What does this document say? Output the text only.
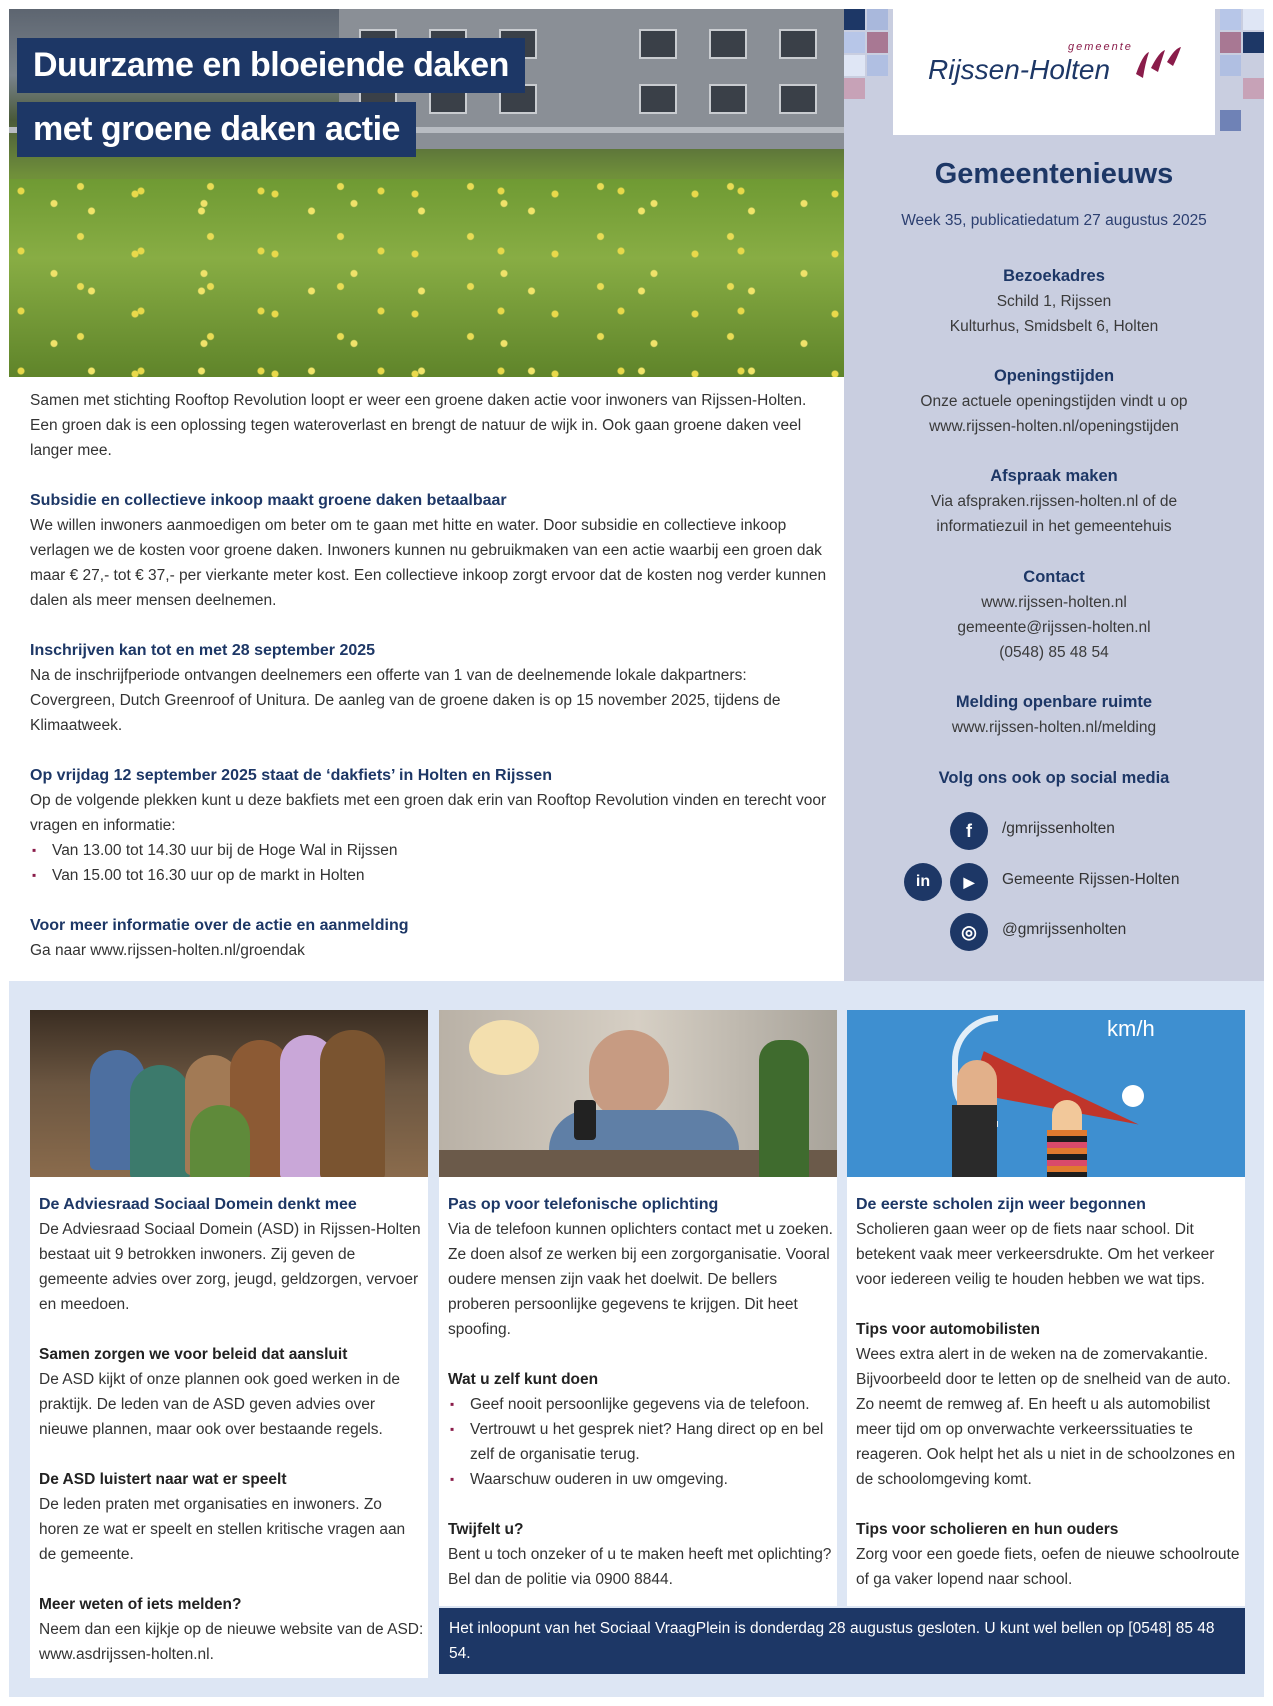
Duurzame en bloeiende daken
met groene daken actie
gemeente
Rijssen-Holten
Gemeentenieuws
Week 35, publicatiedatum 27 augustus 2025
Bezoekadres
Schild 1, Rijssen
Kulturhus, Smidsbelt 6, Holten
Openingstijden
Onze actuele openingstijden vindt u op
www.rijssen-holten.nl/openingstijden
Afspraak maken
Via afspraken.rijssen-holten.nl of de
informatiezuil in het gemeentehuis
Contact
www.rijssen-holten.nl
gemeente@rijssen-holten.nl
(0548) 85 48 54
Melding openbare ruimte
www.rijssen-holten.nl/melding
Volg ons ook op social media
f	/gmrijssenholten
in	▶	Gemeente Rijssen-Holten
◎	@gmrijssenholten

Samen met stichting Rooftop Revolution loopt er weer een groene daken actie voor inwoners van Rijssen-Holten. Een groen dak is een oplossing tegen wateroverlast en brengt de natuur de wijk in. Ook gaan groene daken veel langer mee.

Subsidie en collectieve inkoop maakt groene daken betaalbaar

We willen inwoners aanmoedigen om beter om te gaan met hitte en water. Door subsidie en collectieve inkoop verlagen we de kosten voor groene daken. Inwoners kunnen nu gebruikmaken van een actie waarbij een groen dak maar € 27,- tot € 37,- per vierkante meter kost. Een collectieve inkoop zorgt ervoor dat de kosten nog verder kunnen dalen als meer mensen deelnemen.

Inschrijven kan tot en met 28 september 2025

Na de inschrijfperiode ontvangen deelnemers een offerte van 1 van de deelnemende lokale dakpartners: Covergreen, Dutch Greenroof of Unitura. De aanleg van de groene daken is op 15 november 2025, tijdens de Klimaatweek.

Op vrijdag 12 september 2025 staat de ‘dakfiets’ in Holten en Rijssen
Op de volgende plekken kunt u deze bakfiets met een groen dak erin van Rooftop Revolution vinden en terecht voor vragen en informatie:
▪ Van 13.00 tot 14.30 uur bij de Hoge Wal in Rijssen
▪ Van 15.00 tot 16.30 uur op de markt in Holten
Voor meer informatie over de actie en aanmelding
Ga naar www.rijssen-holten.nl/groendak
De Adviesraad Sociaal Domein denkt mee

De Adviesraad Sociaal Domein (ASD) in Rijssen-Holten bestaat uit 9 betrokken inwoners. Zij geven de gemeente advies over zorg, jeugd, geldzorgen, vervoer en meedoen.

Samen zorgen we voor beleid dat aansluit

De ASD kijkt of onze plannen ook goed werken in de praktijk. De leden van de ASD geven advies over nieuwe plannen, maar ook over bestaande regels.

De ASD luistert naar wat er speelt

De leden praten met organisaties en inwoners. Zo horen ze wat er speelt en stellen kritische vragen aan de gemeente.

Meer weten of iets melden?
Neem dan een kijkje op de nieuwe website van de ASD: www.asdrijssen-holten.nl.
Pas op voor telefonische oplichting

Via de telefoon kunnen oplichters contact met u zoeken. Ze doen alsof ze werken bij een zorgorganisatie. Vooral oudere mensen zijn vaak het doelwit. De bellers proberen persoonlijke gegevens te krijgen. Dit heet spoofing.

Wat u zelf kunt doen
▪ Geef nooit persoonlijke gegevens via de telefoon.
▪ Vertrouwt u het gesprek niet? Hang direct op en bel zelf de organisatie terug.
▪ Waarschuw ouderen in uw omgeving.
Twijfelt u?
Bent u toch onzeker of u te maken heeft met oplichting? Bel dan de politie via 0900 8844.
km/h
De eerste scholen zijn weer begonnen

Scholieren gaan weer op de fiets naar school. Dit betekent vaak meer verkeersdrukte. Om het verkeer voor iedereen veilig te houden hebben we wat tips.

Tips voor automobilisten

Wees extra alert in de weken na de zomervakantie. Bijvoorbeeld door te letten op de snelheid van de auto. Zo neemt de remweg af. En heeft u als automobilist meer tijd om op onverwachte verkeerssituaties te reageren. Ook helpt het als u niet in de schoolzones en de schoolomgeving komt.

Tips voor scholieren en hun ouders
Zorg voor een goede fiets, oefen de nieuwe schoolroute of ga vaker lopend naar school.
Het inloopunt van het Sociaal VraagPlein is donderdag 28 augustus gesloten. U kunt wel bellen op [0548] 85 48 54.
